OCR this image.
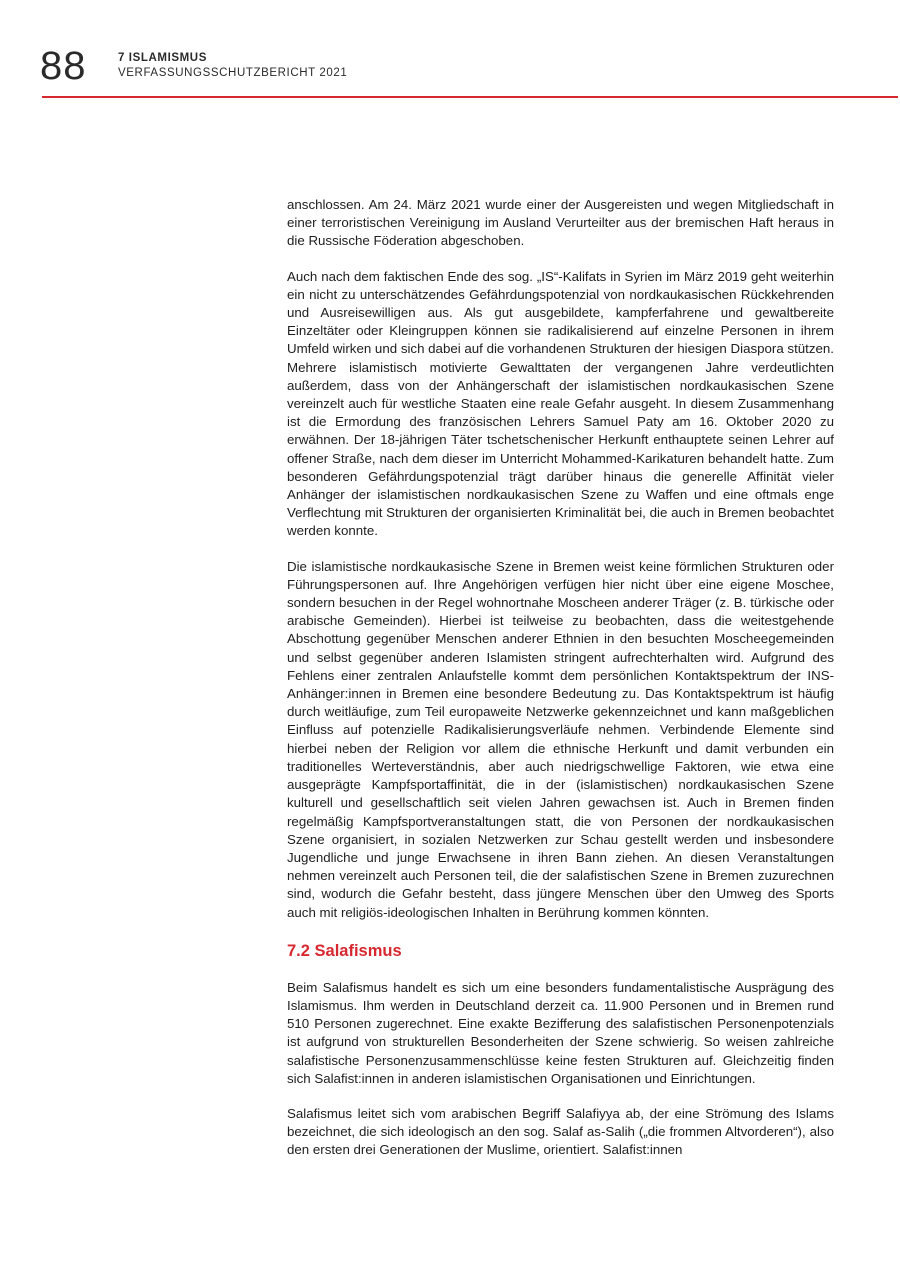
88	7 ISLAMISMUS
VERFASSUNGSSCHUTZBERICHT 2021

anschlossen. Am 24. März 2021 wurde einer der Ausgereisten und wegen Mitgliedschaft in einer terroristischen Vereinigung im Ausland Verurteilter aus der bremischen Haft heraus in die Russische Föderation abgeschoben.

Auch nach dem faktischen Ende des sog. „IS“-Kalifats in Syrien im März 2019 geht weiterhin ein nicht zu unterschätzendes Gefährdungspotenzial von nordkaukasischen Rückkehrenden und Ausreisewilligen aus. Als gut ausgebildete, kampferfahrene und gewaltbereite Einzeltäter oder Kleingruppen können sie radikalisierend auf einzelne Personen in ihrem Umfeld wirken und sich dabei auf die vorhandenen Strukturen der hiesigen Diaspora stützen. Mehrere islamistisch motivierte Gewalttaten der vergangenen Jahre verdeutlichten außerdem, dass von der Anhängerschaft der islamistischen nordkaukasischen Szene vereinzelt auch für westliche Staaten eine reale Gefahr ausgeht. In diesem Zusammenhang ist die Ermordung des französischen Lehrers Samuel Paty am 16. Oktober 2020 zu erwähnen. Der 18-jährigen Täter tschetschenischer Herkunft enthauptete seinen Lehrer auf offener Straße, nach dem dieser im Unterricht Mohammed-Karikaturen behandelt hatte. Zum besonderen Gefährdungspotenzial trägt darüber hinaus die generelle Affinität vieler Anhänger der islamistischen nordkaukasischen Szene zu Waffen und eine oftmals enge Verflechtung mit Strukturen der organisierten Kriminalität bei, die auch in Bremen beobachtet werden konnte.

Die islamistische nordkaukasische Szene in Bremen weist keine förmlichen Strukturen oder Führungspersonen auf. Ihre Angehörigen verfügen hier nicht über eine eigene Moschee, sondern besuchen in der Regel wohnortnahe Moscheen anderer Träger (z. B. türkische oder arabische Gemeinden). Hierbei ist teilweise zu beobachten, dass die weitestgehende Abschottung gegenüber Menschen anderer Ethnien in den besuchten Moscheegemeinden und selbst gegenüber anderen Islamisten stringent aufrechterhalten wird. Aufgrund des Fehlens einer zentralen Anlaufstelle kommt dem persönlichen Kontaktspektrum der INS-Anhänger:innen in Bremen eine besondere Bedeutung zu. Das Kontaktspektrum ist häufig durch weitläufige, zum Teil europaweite Netzwerke gekennzeichnet und kann maßgeblichen Einfluss auf potenzielle Radikalisierungsverläufe nehmen. Verbindende Elemente sind hierbei neben der Religion vor allem die ethnische Herkunft und damit verbunden ein traditionelles Werteverständnis, aber auch niedrigschwellige Faktoren, wie etwa eine ausgeprägte Kampfsportaffinität, die in der (islamistischen) nordkaukasischen Szene kulturell und gesellschaftlich seit vielen Jahren gewachsen ist. Auch in Bremen finden regelmäßig Kampfsportveranstaltungen statt, die von Personen der nordkaukasischen Szene organisiert, in sozialen Netzwerken zur Schau gestellt werden und insbesondere Jugendliche und junge Erwachsene in ihren Bann ziehen. An diesen Veranstaltungen nehmen vereinzelt auch Personen teil, die der salafistischen Szene in Bremen zuzurechnen sind, wodurch die Gefahr besteht, dass jüngere Menschen über den Umweg des Sports auch mit religiös-ideologischen Inhalten in Berührung kommen könnten.

7.2 Salafismus

Beim Salafismus handelt es sich um eine besonders fundamentalistische Ausprägung des Islamismus. Ihm werden in Deutschland derzeit ca. 11.900 Personen und in Bremen rund 510 Personen zugerechnet. Eine exakte Bezifferung des salafistischen Personenpotenzials ist aufgrund von strukturellen Besonderheiten der Szene schwierig. So weisen zahlreiche salafistische Personenzusammenschlüsse keine festen Strukturen auf. Gleichzeitig finden sich Salafist:innen in anderen islamistischen Organisationen und Einrichtungen.

Salafismus leitet sich vom arabischen Begriff Salafiyya ab, der eine Strömung des Islams bezeichnet, die sich ideologisch an den sog. Salaf as-Salih („die frommen Altvorderen“), also den ersten drei Generationen der Muslime, orientiert. Salafist:innen
